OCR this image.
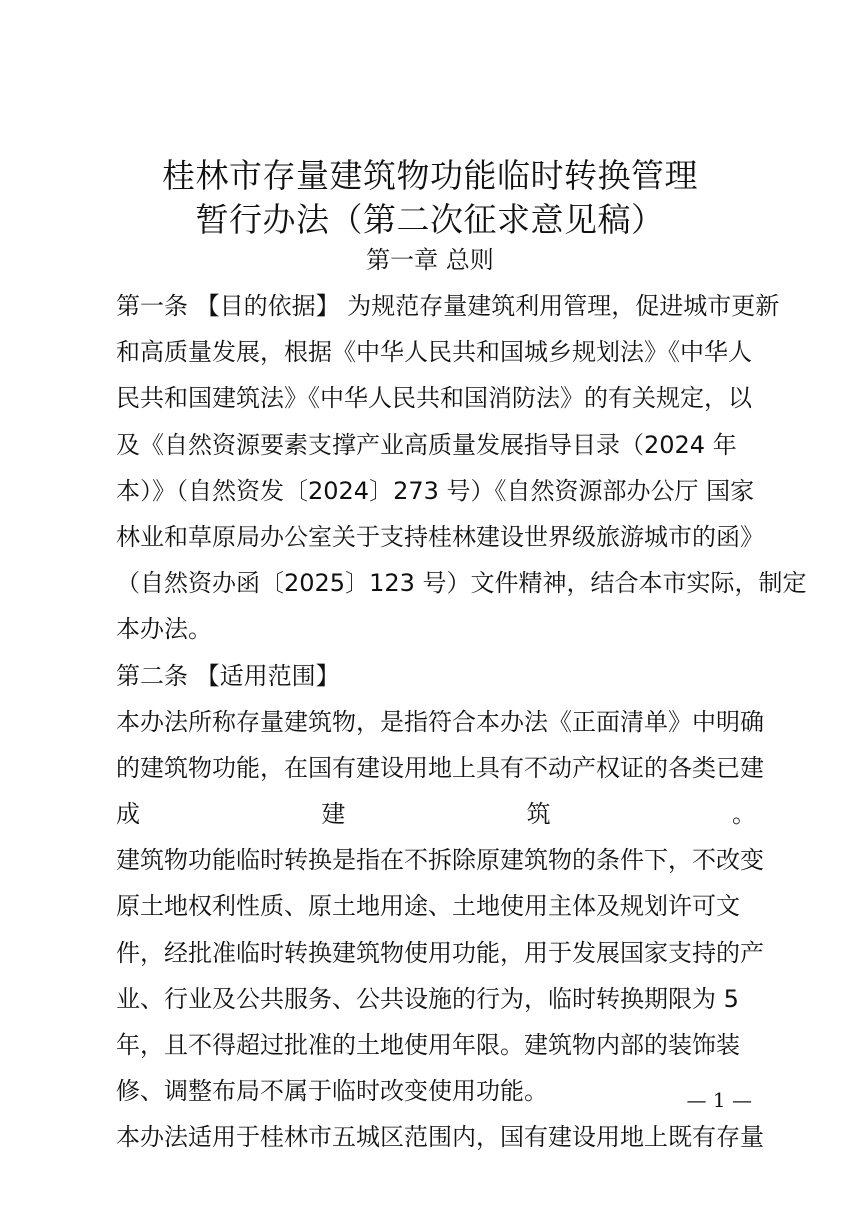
桂林市存量建筑物功能临时转换管理
暂行办法（第二次征求意见稿）
第一章 总则
第一条 【目的依据】 为规范存量建筑利用管理，促进城市更新
和高质量发展，根据《中华人民共和国城乡规划法》《中华人
民共和国建筑法》《中华人民共和国消防法》的有关规定，以
及《自然资源要素支撑产业高质量发展指导目录（2024 年
本）》（自然资发〔2024〕273 号）《自然资源部办公厅 国家
林业和草原局办公室关于支持桂林建设世界级旅游城市的函》
（自然资办函〔2025〕123 号）文件精神，结合本市实际，制定
本办法。
第二条 【适用范围】
本办法所称存量建筑物，是指符合本办法《正面清单》中明确
的建筑物功能，在国有建设用地上具有不动产权证的各类已建
成	建	筑	。
建筑物功能临时转换是指在不拆除原建筑物的条件下，不改变
原土地权利性质、原土地用途、土地使用主体及规划许可文
件，经批准临时转换建筑物使用功能，用于发展国家支持的产
业、行业及公共服务、公共设施的行为，临时转换期限为 5
年，且不得超过批准的土地使用年限。建筑物内部的装饰装
修、调整布局不属于临时改变使用功能。
本办法适用于桂林市五城区范围内，国有建设用地上既有存量
— 1 —
